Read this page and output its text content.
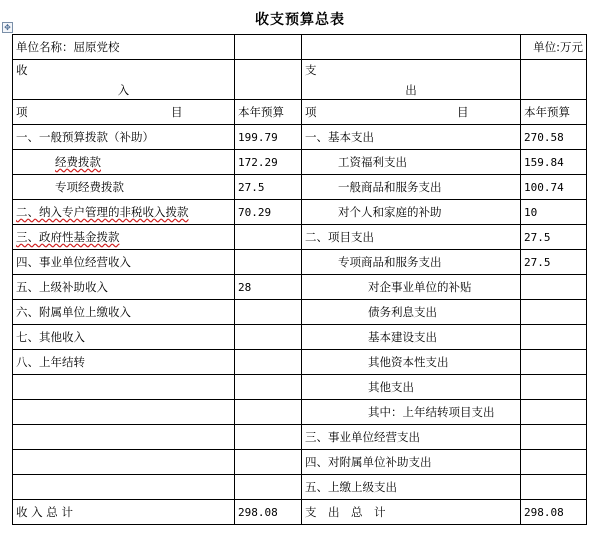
✥	收支预算总表
单位名称：屈原党校			单位:万元

收
入		支
出	

项 目	本年预算	项 目	本年预算
一、一般预算拨款（补助）	199.79	一、基本支出	270.58
经费拨款	172.29	工资福利支出	159.84
专项经费拨款	27.5	一般商品和服务支出	100.74
二、纳入专户管理的非税收入拨款	70.29	对个人和家庭的补助	10
三、政府性基金拨款		二、项目支出	27.5
四、事业单位经营收入		专项商品和服务支出	27.5
五、上级补助收入	28	对企事业单位的补贴	
六、附属单位上缴收入		债务利息支出	
七、其他收入		基本建设支出	
八、上年结转		其他资本性支出	
		其他支出	
		其中：上年结转项目支出	
		三、事业单位经营支出	
		四、对附属单位补助支出	
		五、上缴上级支出	
收 入 总 计	298.08	支　出　总　计	298.08
